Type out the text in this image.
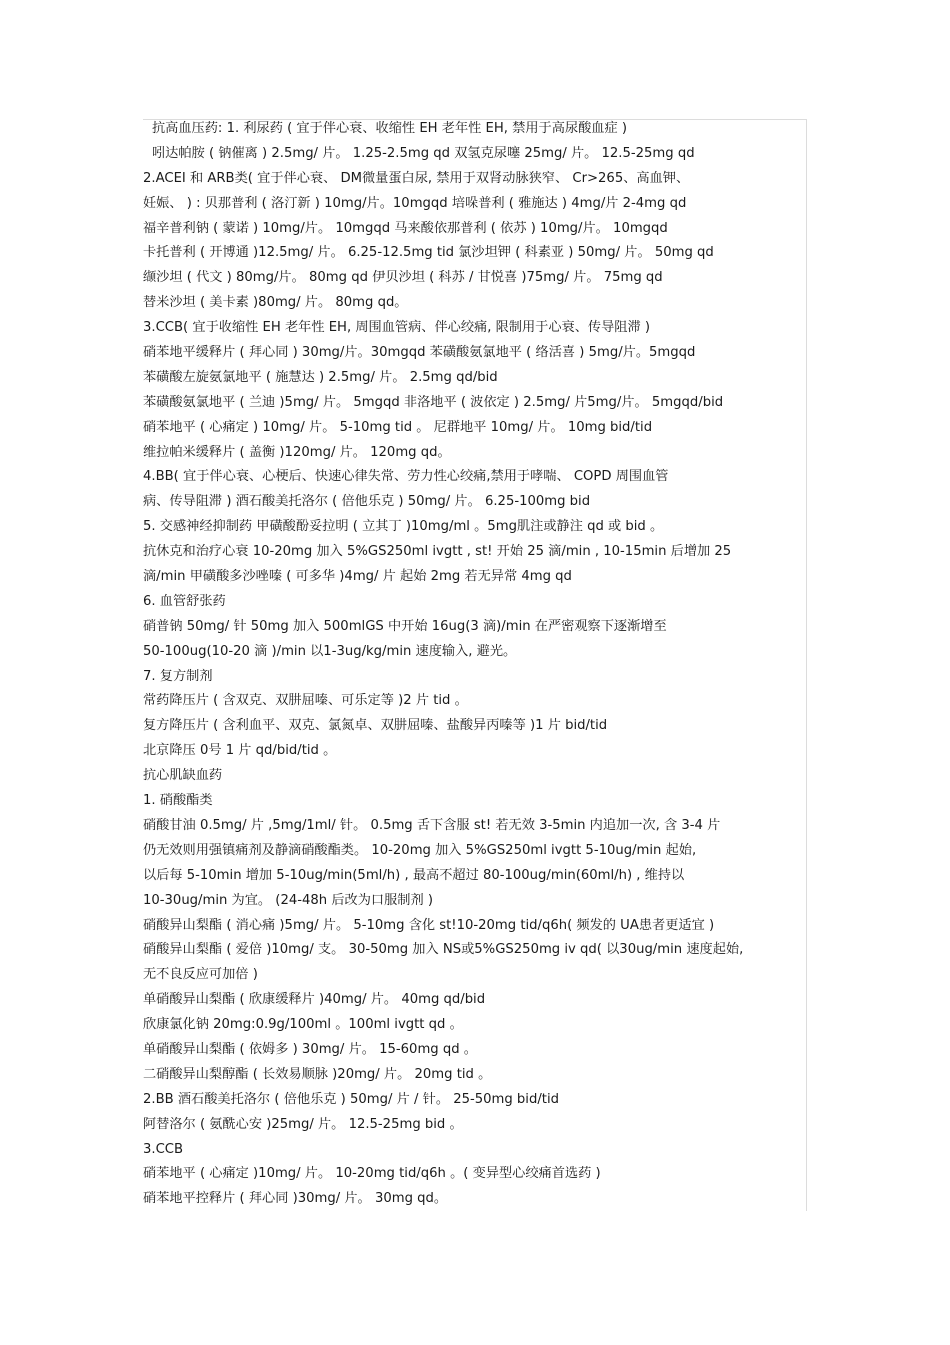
抗高血压药: 1. 利尿药 ( 宜于伴心衰、收缩性 EH 老年性 EH, 禁用于高尿酸血症 )
吲达帕胺 ( 钠催离 ) 2.5mg/ 片。 1.25-2.5mg qd 双氢克尿噻 25mg/ 片。 12.5-25mg qd
2.ACEI 和 ARB类( 宜于伴心衰、 DM微量蛋白尿, 禁用于双肾动脉狭窄、 Cr>265、高血钾、
妊娠、 ) : 贝那普利 ( 洛汀新 ) 10mg/片。10mgqd 培哚普利 ( 雅施达 ) 4mg/片 2-4mg qd
福辛普利钠 ( 蒙诺 ) 10mg/片。 10mgqd 马来酸依那普利 ( 依苏 ) 10mg/片。 10mgqd
卡托普利 ( 开博通 )12.5mg/ 片。 6.25-12.5mg tid 氯沙坦钾 ( 科素亚 ) 50mg/ 片。 50mg qd
缬沙坦 ( 代文 ) 80mg/片。 80mg qd 伊贝沙坦 ( 科苏 / 甘悦喜 )75mg/ 片。 75mg qd
替米沙坦 ( 美卡素 )80mg/ 片。 80mg qd。
3.CCB( 宜于收缩性 EH 老年性 EH, 周围血管病、伴心绞痛, 限制用于心衰、传导阻滞 )
硝苯地平缓释片 ( 拜心同 ) 30mg/片。30mgqd 苯磺酸氨氯地平 ( 络活喜 ) 5mg/片。5mgqd
苯磺酸左旋氨氯地平 ( 施慧达 ) 2.5mg/ 片。 2.5mg qd/bid
苯磺酸氨氯地平 ( 兰迪 )5mg/ 片。 5mgqd 非洛地平 ( 波依定 ) 2.5mg/ 片5mg/片。 5mgqd/bid
硝苯地平 ( 心痛定 ) 10mg/ 片。 5-10mg tid 。 尼群地平 10mg/ 片。 10mg bid/tid
维拉帕米缓释片 ( 盖衡 )120mg/ 片。 120mg qd。
4.BB( 宜于伴心衰、心梗后、快速心律失常、劳力性心绞痛,禁用于哮喘、 COPD 周围血管
病、传导阻滞 ) 酒石酸美托洛尔 ( 倍他乐克 ) 50mg/ 片。 6.25-100mg bid
5. 交感神经抑制药 甲磺酸酚妥拉明 ( 立其丁 )10mg/ml 。5mg肌注或静注 qd 或 bid 。
抗休克和治疗心衰 10-20mg 加入 5%GS250ml ivgtt , st! 开始 25 滴/min , 10-15min 后增加 25
滴/min 甲磺酸多沙唑嗪 ( 可多华 )4mg/ 片 起始 2mg 若无异常 4mg qd
6. 血管舒张药
硝普钠 50mg/ 针 50mg 加入 500mlGS 中开始 16ug(3 滴)/min 在严密观察下逐渐增至
50-100ug(10-20 滴 )/min 以1-3ug/kg/min 速度输入, 避光。
7. 复方制剂
常药降压片 ( 含双克、双肼屈嗪、可乐定等 )2 片 tid 。
复方降压片 ( 含利血平、双克、氯氮卓、双肼屈嗪、盐酸异丙嗪等 )1 片 bid/tid
北京降压 0号 1 片 qd/bid/tid 。
抗心肌缺血药
1. 硝酸酯类
硝酸甘油 0.5mg/ 片 ,5mg/1ml/ 针。 0.5mg 舌下含服 st! 若无效 3-5min 内追加一次, 含 3-4 片
仍无效则用强镇痛剂及静滴硝酸酯类。 10-20mg 加入 5%GS250ml ivgtt 5-10ug/min 起始,
以后每 5-10min 增加 5-10ug/min(5ml/h) , 最高不超过 80-100ug/min(60ml/h) , 维持以
10-30ug/min 为宜。 (24-48h 后改为口服制剂 )
硝酸异山梨酯 ( 消心痛 )5mg/ 片。 5-10mg 含化 st!10-20mg tid/q6h( 频发的 UA患者更适宜 )
硝酸异山梨酯 ( 爱倍 )10mg/ 支。 30-50mg 加入 NS或5%GS250mg iv qd( 以30ug/min 速度起始,
无不良反应可加倍 )
单硝酸异山梨酯 ( 欣康缓释片 )40mg/ 片。 40mg qd/bid
欣康氯化钠 20mg:0.9g/100ml 。100ml ivgtt qd 。
单硝酸异山梨酯 ( 依姆多 ) 30mg/ 片。 15-60mg qd 。
二硝酸异山梨醇酯 ( 长效易顺脉 )20mg/ 片。 20mg tid 。
2.BB 酒石酸美托洛尔 ( 倍他乐克 ) 50mg/ 片 / 针。 25-50mg bid/tid
阿替洛尔 ( 氨酰心安 )25mg/ 片。 12.5-25mg bid 。
3.CCB
硝苯地平 ( 心痛定 )10mg/ 片。 10-20mg tid/q6h 。( 变异型心绞痛首选药 )
硝苯地平控释片 ( 拜心同 )30mg/ 片。 30mg qd。
